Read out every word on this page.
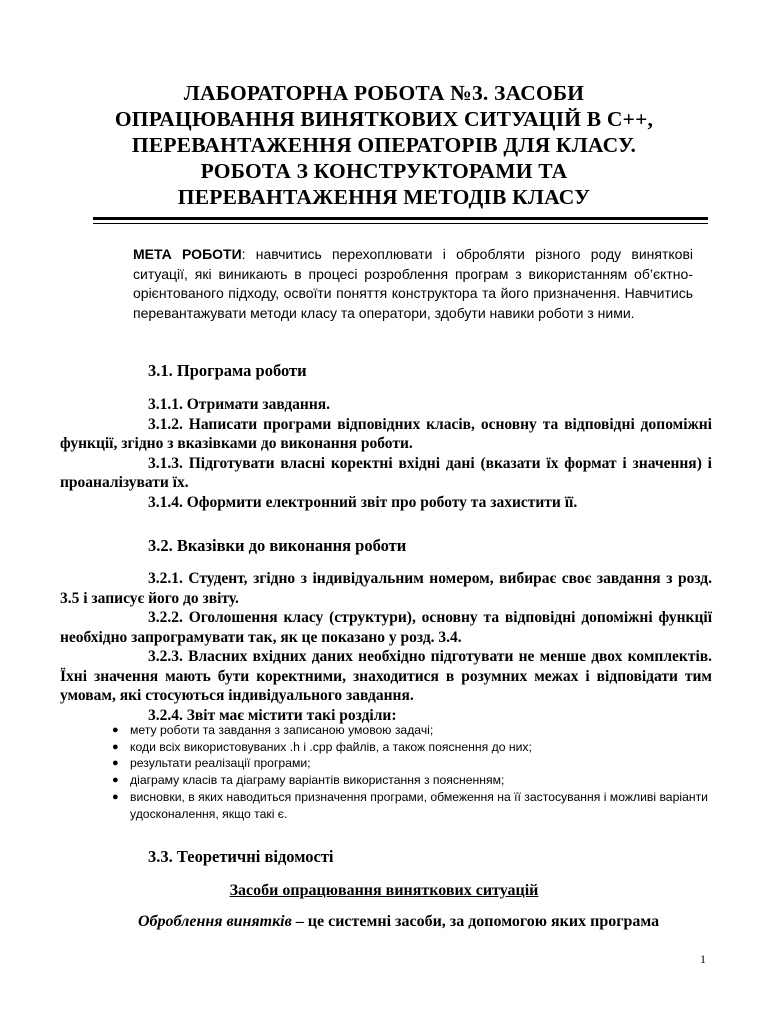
ЛАБОРАТОРНА РОБОТА №3. ЗАСОБИ
ОПРАЦЮВАННЯ ВИНЯТКОВИХ СИТУАЦІЙ В С++,
ПЕРЕВАНТАЖЕННЯ ОПЕРАТОРІВ ДЛЯ КЛАСУ.
РОБОТА З КОНСТРУКТОРАМИ ТА
ПЕРЕВАНТАЖЕННЯ МЕТОДІВ КЛАСУ

МЕТА РОБОТИ: навчитись перехоплювати і обробляти різного роду виняткові ситуації, які виникають в процесі розроблення програм з використанням об’єктно-орієнтованого підходу, освоїти поняття конструктора та його призначення. Навчитись перевантажувати методи класу та оператори, здобути навики роботи з ними.

3.1. Програма роботи

3.1.1. Отримати завдання.

3.1.2. Написати програми відповідних класів, основну та відповідні допоміжні функції, згідно з вказівками до виконання роботи.

3.1.3. Підготувати власні коректні вхідні дані (вказати їх формат і значення) і проаналізувати їх.

3.1.4. Оформити електронний звіт про роботу та захистити її.

3.2. Вказівки до виконання роботи

3.2.1. Студент, згідно з індивідуальним номером, вибирає своє завдання з розд. 3.5 і записує його до звіту.

3.2.2. Оголошення класу (структури), основну та відповідні допоміжні функції необхідно запрограмувати так, як це показано у розд. 3.4.

3.2.3. Власних вхідних даних необхідно підготувати не менше двох комплектів. Їхні значення мають бути коректними, знаходитися в розумних межах і відповідати тим умовам, які стосуються індивідуального завдання.

3.2.4. Звіт має містити такі розділи:

● мету роботи та завдання з записаною умовою задачі;
● коди всіх використовуваних .h і .cpp файлів, а також пояснення до них;
● результати реалізації програми;
● діаграму класів та діаграму варіантів використання з поясненням;
● висновки, в яких наводиться призначення програми, обмеження на її застосування і можливі варіанти удосконалення, якщо такі є.
3.3. Теоретичні відомості

Засоби опрацювання виняткових ситуацій

Оброблення винятків – це системні засоби, за допомогою яких програма

1
